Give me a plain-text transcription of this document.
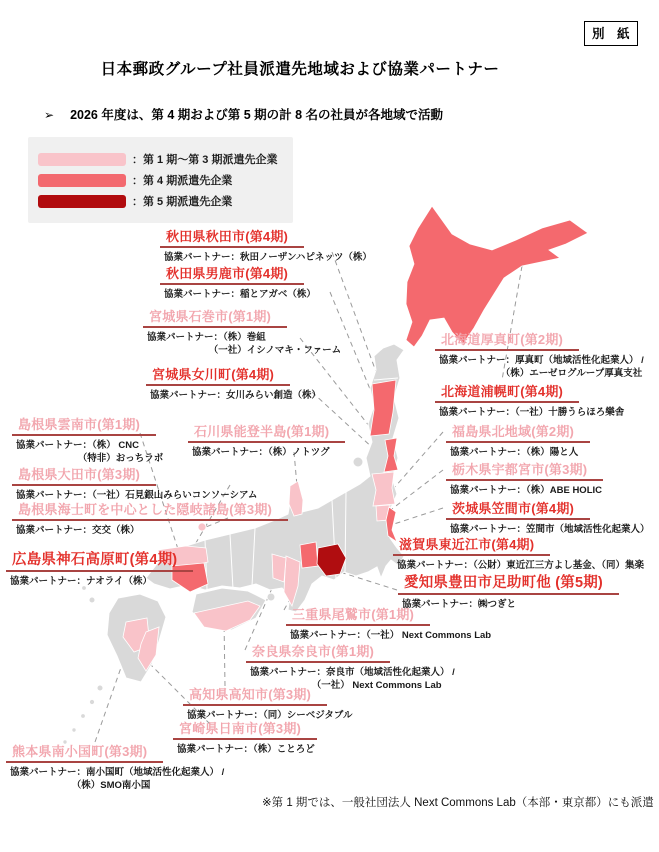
別　紙
日本郵政グループ社員派遣先地域および協業パートナー
➢ 2026 年度は、第 4 期および第 5 期の計 8 名の社員が各地域で活動
：第 1 期～第 3 期派遣先企業
：第 4 期派遣先企業
：第 5 期派遣先企業
秋田県秋田市(第4期)
協業パートナー：秋田ノーザンハピネッツ（株）
秋田県男鹿市(第4期)
協業パートナー：稲とアガベ（株）
宮城県石巻市(第1期)
協業パートナー：（株）巻組
　　　　　　　（一社）イシノマキ・ファーム
宮城県女川町(第4期)
協業パートナー：女川みらい創造（株）
島根県雲南市(第1期)
協業パートナー：（株） CNC
　　　　　　　（特非）おっちラボ
石川県能登半島(第1期)
協業パートナー：（株）ノトツグ
島根県大田市(第3期)
協業パートナー：（一社）石見銀山みらいコンソーシアム
島根県海士町を中心とした隠岐諸島(第3期)
協業パートナー：交交（株）
広島県神石高原町(第4期)
協業パートナー：ナオライ（株）
北海道厚真町(第2期)
協業パートナー：厚真町（地域活性化起業人） /
　　　　　　　（株）エーゼログループ厚真支社
北海道浦幌町(第4期)
協業パートナー：（一社）十勝うらほろ樂舎
福島県北地域(第2期)
協業パートナー：（株）陽と人
栃木県宇都宮市(第3期)
協業パートナー：（株）ABE HOLIC
茨城県笠間市(第4期)
協業パートナー：笠間市（地域活性化起業人）
滋賀県東近江市(第4期)
協業パートナー：（公財）東近江三方よし基金、（同）集楽
愛知県豊田市足助町他 (第5期)
協業パートナー：㈱つぎと
三重県尾鷲市(第1期)
協業パートナー：（一社） Next Commons Lab
奈良県奈良市(第1期)
協業パートナー：奈良市（地域活性化起業人） /
　　　　　　　（一社） Next Commons Lab
高知県高知市(第3期)
協業パートナー：（同）シーベジタブル
宮崎県日南市(第3期)
協業パートナー：（株）ことろど
熊本県南小国町(第3期)
協業パートナー：南小国町（地域活性化起業人） /
　　　　　　　（株）SMO南小国
※第 1 期では、一般社団法人 Next Commons Lab（本部・東京都）にも派遣
